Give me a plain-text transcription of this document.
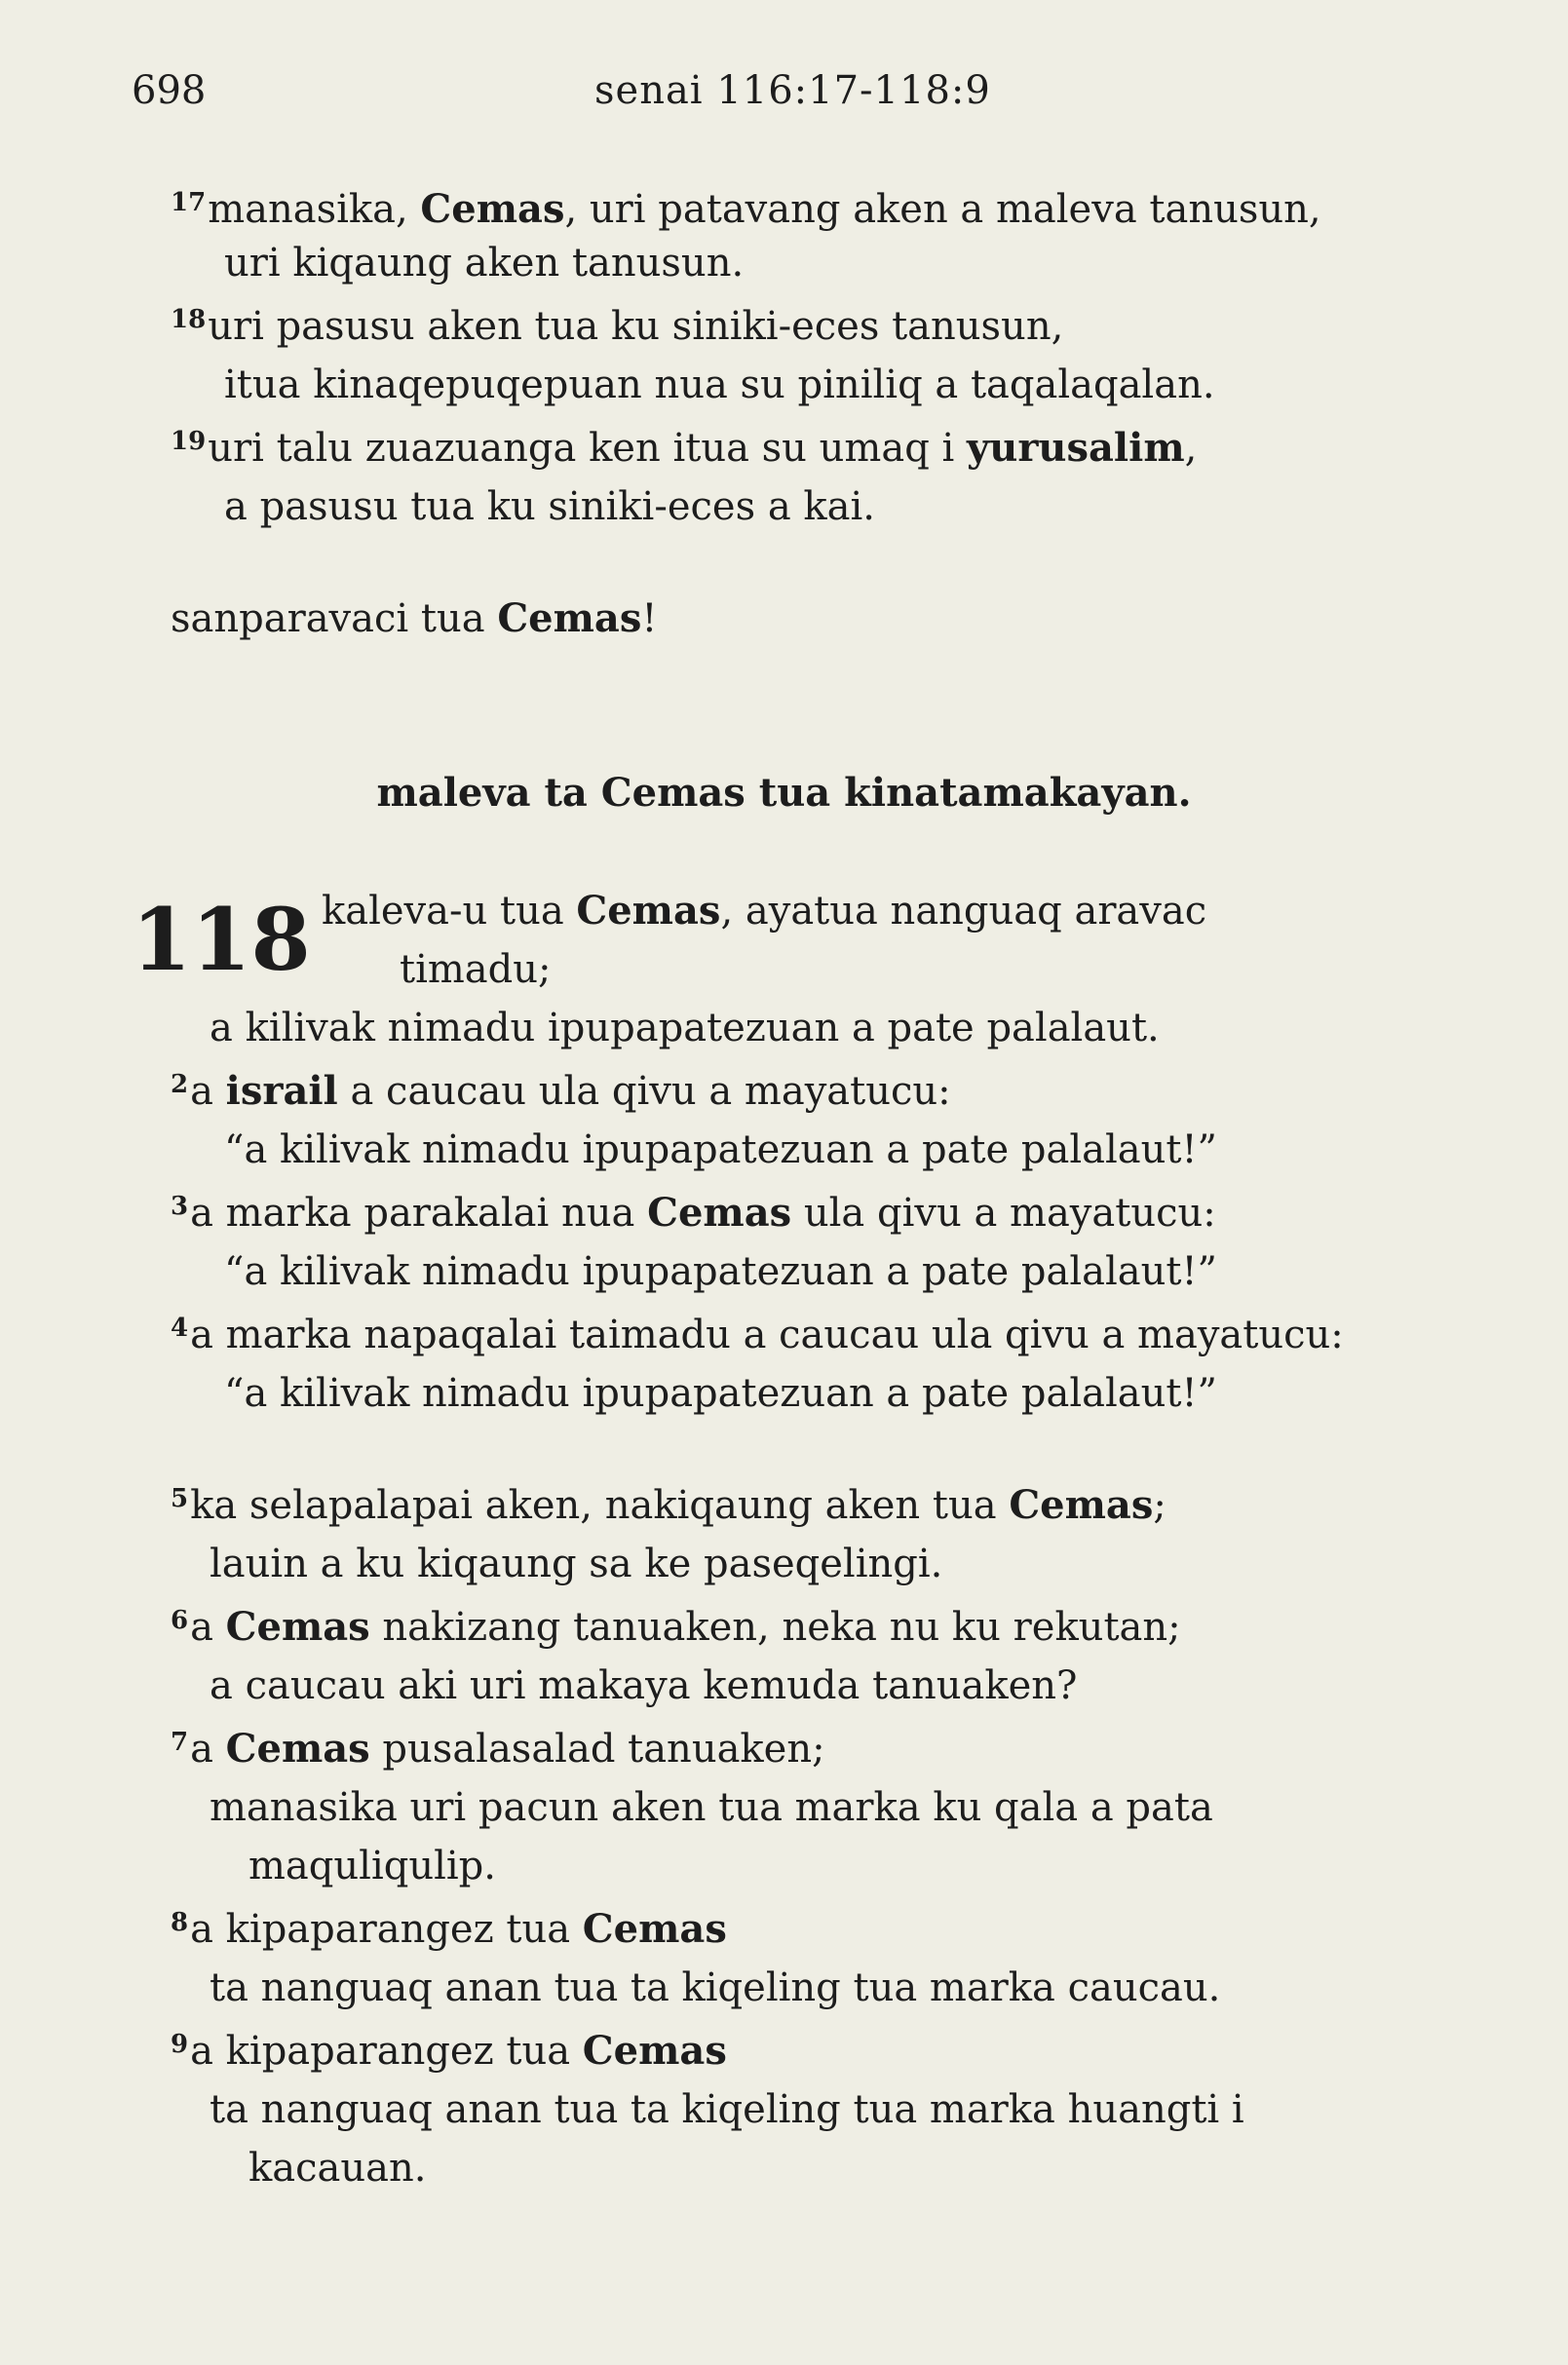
698	senai 116:17-118:9
maleva ta Cemas tua kinatamakayan.
118
$^{17}$manasika, Cemas, uri patavang aken a maleva tanusun,
uri kiqaung aken tanusun.
$^{18}$uri pasusu aken tua ku siniki-eces tanusun,
itua kinaqepuqepuan nua su piniliq a taqalaqalan.
$^{19}$uri talu zuazuanga ken itua su umaq i yurusalim,
a pasusu tua ku siniki-eces a kai.
sanparavaci tua Cemas!
kaleva-u tua Cemas, ayatua nanguaq aravac
timadu;
a kilivak nimadu ipupapatezuan a pate palalaut.
$^2$a israil a caucau ula qivu a mayatucu:
“a kilivak nimadu ipupapatezuan a pate palalaut!”
$^3$a marka parakalai nua Cemas ula qivu a mayatucu:
“a kilivak nimadu ipupapatezuan a pate palalaut!”
$^4$a marka napaqalai taimadu a caucau ula qivu a mayatucu:
“a kilivak nimadu ipupapatezuan a pate palalaut!”
$^5$ka selapalapai aken, nakiqaung aken tua Cemas;
lauin a ku kiqaung sa ke paseqelingi.
$^6$a Cemas nakizang tanuaken, neka nu ku rekutan;
a caucau aki uri makaya kemuda tanuaken?
$^7$a Cemas pusalasalad tanuaken;
manasika uri pacun aken tua marka ku qala a pata
maquliqulip.
$^8$a kipaparangez tua Cemas
ta nanguaq anan tua ta kiqeling tua marka caucau.
$^9$a kipaparangez tua Cemas
ta nanguaq anan tua ta kiqeling tua marka huangti i
kacauan.
